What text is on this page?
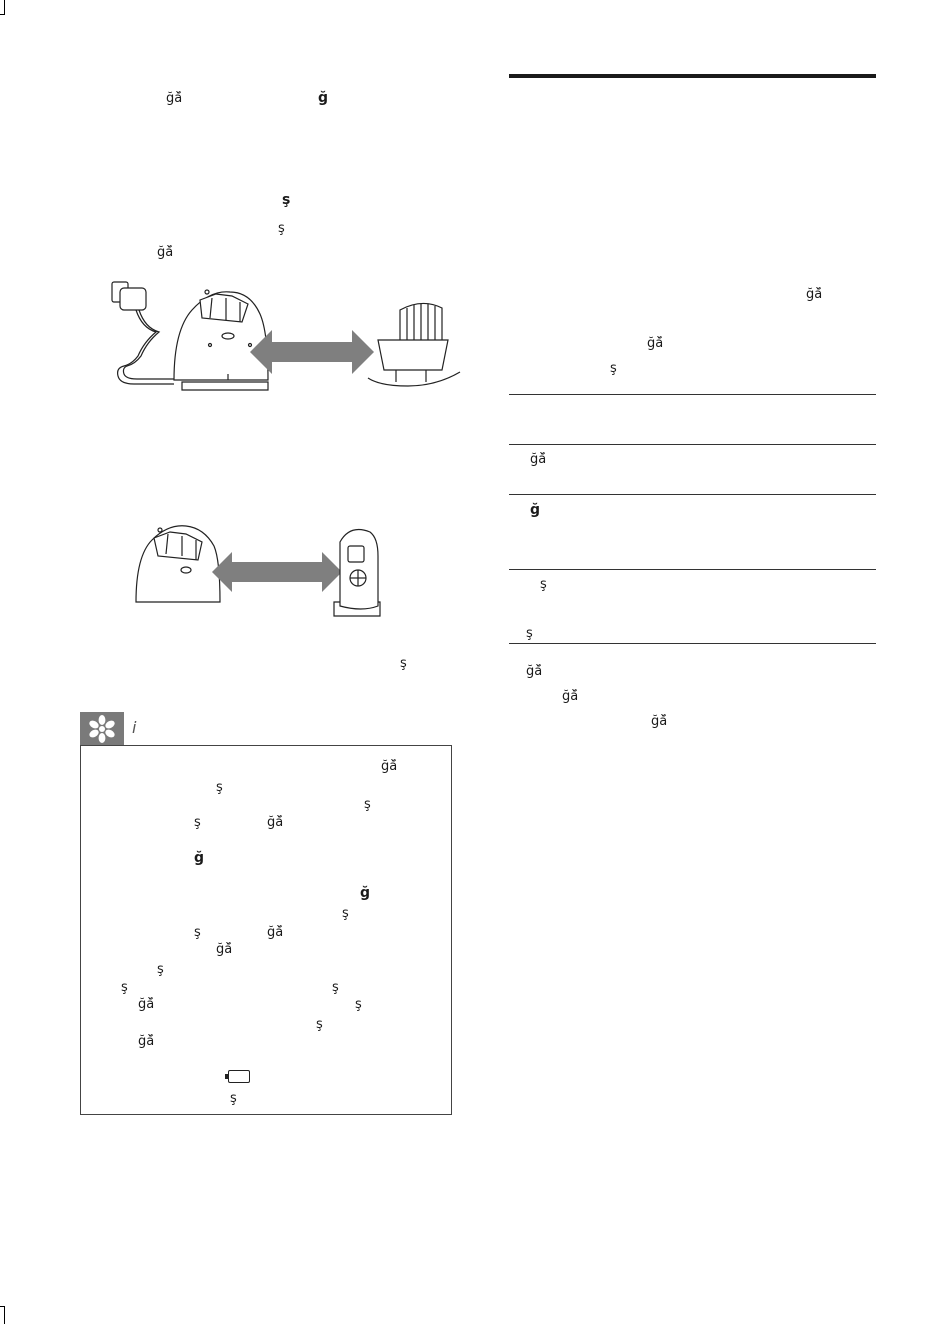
ğǎ̆	ğ
ş
ş
ğǎ̆
ş
i
ğǎ̆
ş
ş
ş	ğǎ̆
ğ
ğ
ş
ş	ğǎ̆
ğǎ̆
ş
ş	ş
ğǎ̆	ş
ş
ğǎ̆
ş
ğǎ̆
ğǎ̆
ş
ğǎ̆
ğ
ş
ş
ğǎ̆
ğǎ̆
ğǎ̆
